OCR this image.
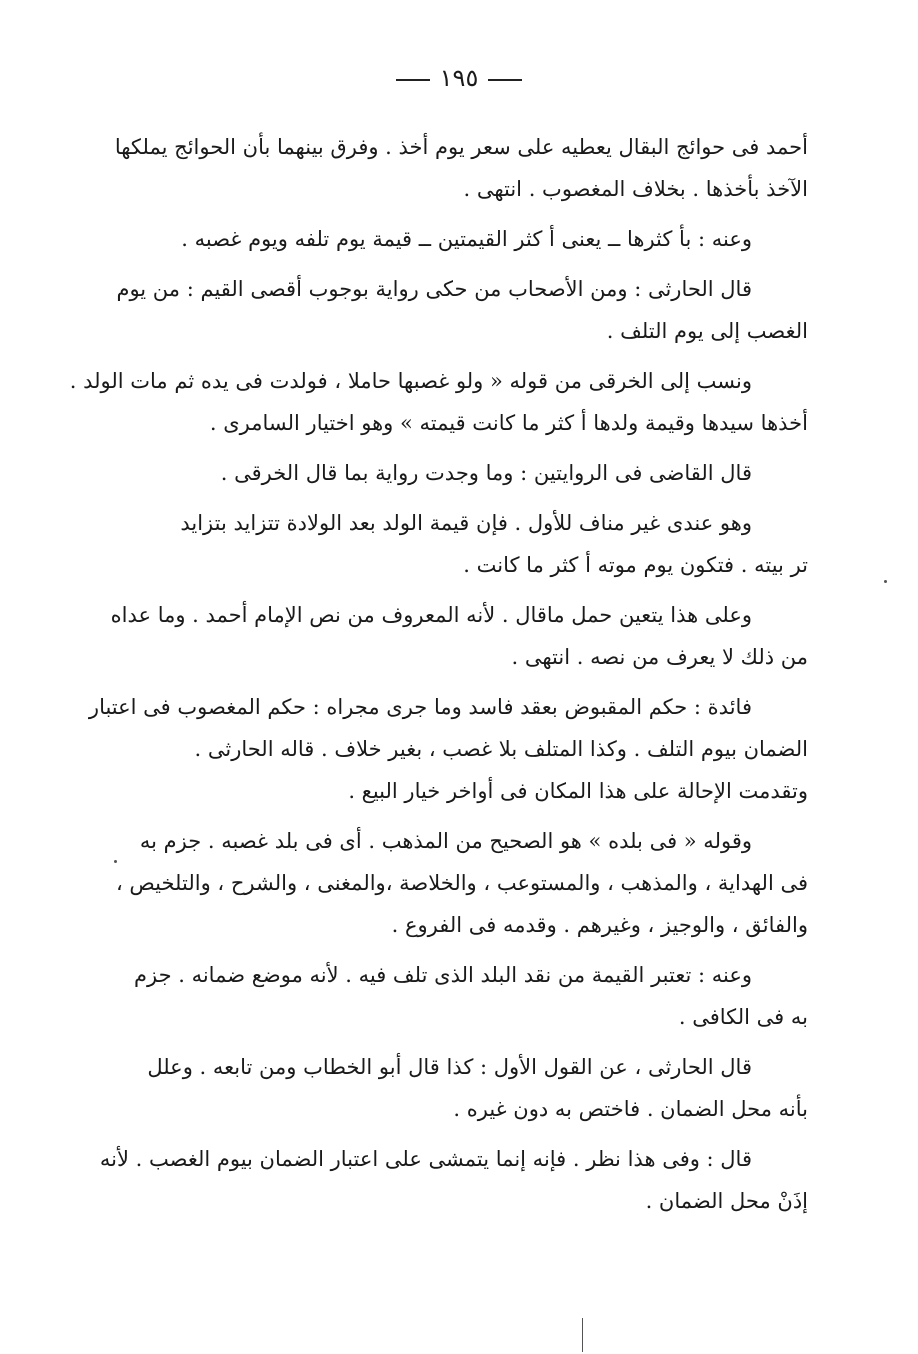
١٩٥
أحمد فى حوائج البقال يعطيه على سعر يوم أخذ . وفرق بينهما بأن الحوائج يملكها
الآخذ بأخذها . بخلاف المغصوب . انتهى .
وعنه : بأ كثرها ــ يعنى أ كثر القيمتين ــ قيمة يوم تلفه ويوم غصبه .
قال الحارثى : ومن الأصحاب من حكى رواية بوجوب أقصى القيم : من يوم
الغصب إلى يوم التلف .
ونسب إلى الخرقى من قوله « ولو غصبها حاملا ، فولدت فى يده ثم مات الولد .
أخذها سيدها وقيمة ولدها أ كثر ما كانت قيمته » وهو اختيار السامرى .
قال القاضى فى الروايتين : وما وجدت رواية بما قال الخرقى .
وهو عندى غير مناف للأول . فإن قيمة الولد بعد الولادة تتزايد بتزايد
تر بيته . فتكون يوم موته أ كثر ما كانت .
وعلى هذا يتعين حمل ماقال . لأنه المعروف من نص الإمام أحمد . وما عداه
من ذلك لا يعرف من نصه . انتهى .
فائدة : حكم المقبوض بعقد فاسد وما جرى مجراه : حكم المغصوب فى اعتبار
الضمان بيوم التلف . وكذا المتلف بلا غصب ، بغير خلاف . قاله الحارثى .
وتقدمت الإحالة على هذا المكان فى أواخر خيار البيع .
وقوله « فى بلده » هو الصحيح من المذهب . أى فى بلد غصبه . جزم به
فى الهداية ، والمذهب ، والمستوعب ، والخلاصة ،والمغنى ، والشرح ، والتلخيص ،
والفائق ، والوجيز ، وغيرهم . وقدمه فى الفروع .
وعنه : تعتبر القيمة من نقد البلد الذى تلف فيه . لأنه موضع ضمانه . جزم
به فى الكافى .
قال الحارثى ، عن القول الأول : كذا قال أبو الخطاب ومن تابعه . وعلل
بأنه محل الضمان . فاختص به دون غيره .
قال : وفى هذا نظر . فإنه إنما يتمشى على اعتبار الضمان بيوم الغصب . لأنه
إذَنْ محل الضمان .
